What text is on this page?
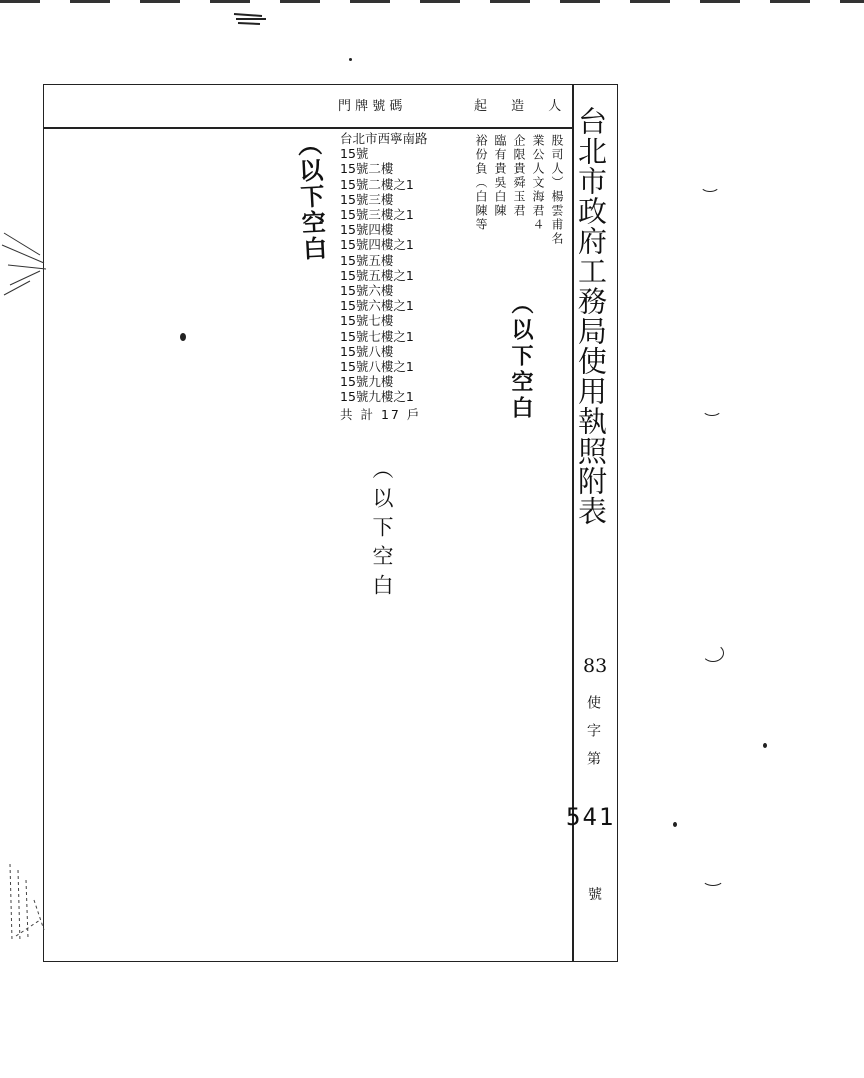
台北市政府工務局使用執照附表
門 牌 號 碼	起 造 人
台北市西寧南路
15號
15號二樓
15號二樓之1
15號三樓
15號三樓之1
15號四樓
15號四樓之1
15號五樓
15號五樓之1
15號六樓
15號六樓之1
15號七樓
15號七樓之1
15號八樓
15號八樓之1
15號九樓
15號九樓之1
共 計 17 戶
股司人）楊雲甫名
業公人文海君４
企限貴舜玉君
臨有貴吳白陳
裕份負（白陳等
（以下空白
（以下空白
（以下空白
83
使字第
541
號
